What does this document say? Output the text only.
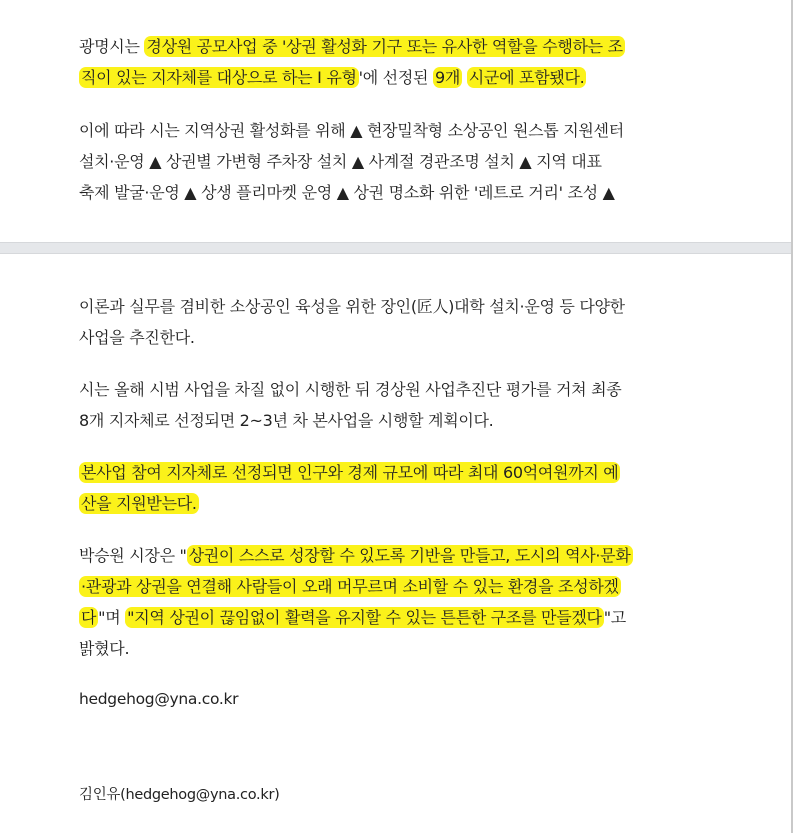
광명시는 경상원 공모사업 중 '상권 활성화 기구 또는 유사한 역할을 수행하는 조
직이 있는 지자체를 대상으로 하는 I 유형 '에 선정된 9개 시군에 포함됐다.

이에 따라 시는 지역상권 활성화를 위해 ▲ 현장밀착형 소상공인 원스톱 지원센터
설치·운영 ▲ 상권별 가변형 주차장 설치 ▲ 사계절 경관조명 설치 ▲ 지역 대표
축제 발굴·운영 ▲ 상생 플리마켓 운영 ▲ 상권 명소화 위한 '레트로 거리' 조성 ▲

이론과 실무를 겸비한 소상공인 육성을 위한 장인(匠人)대학 설치·운영 등 다양한
사업을 추진한다.

시는 올해 시범 사업을 차질 없이 시행한 뒤 경상원 사업추진단 평가를 거쳐 최종
8개 지자체로 선정되면 2~3년 차 본사업을 시행할 계획이다.

본사업 참여 지자체로 선정되면 인구와 경제 규모에 따라 최대 60억여원까지 예
산을 지원받는다.

박승원 시장은 " 상권이 스스로 성장할 수 있도록 기반을 만들고, 도시의 역사·문화
·관광과 상권을 연결해 사람들이 오래 머무르며 소비할 수 있는 환경을 조성하겠
다 "며 "지역 상권이 끊임없이 활력을 유지할 수 있는 튼튼한 구조를 만들겠다 "고
밝혔다.

hedgehog@yna.co.kr

김인유(hedgehog@yna.co.kr)
